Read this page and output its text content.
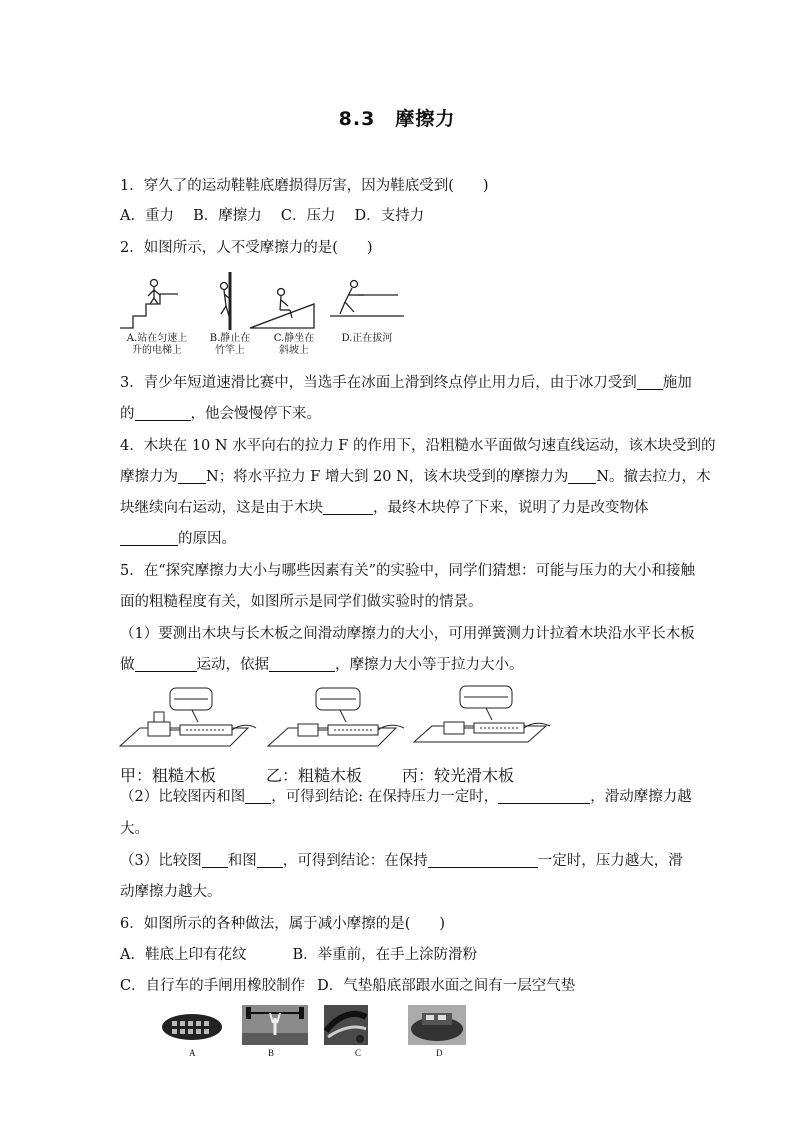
8.3　摩擦力
1．穿久了的运动鞋鞋底磨损得厉害，因为鞋底受到(　　)
A．重力　 B．摩擦力　 C．压力　 D．支持力
2．如图所示，人不受摩擦力的是(　　)
A.站在匀速上
升的电梯上
B.静止在
竹竿上
C.静坐在
斜坡上
D.正在拔河
3．青少年短道速滑比赛中，当选手在冰面上滑到终点停止用力后，由于冰刀受到 施加
的	，他会慢慢停下来。
4．木块在 10 N 水平向右的拉力 F 的作用下，沿粗糙水平面做匀速直线运动，该木块受到的
摩擦力为 N；将水平拉力 F 增大到 20 N，该木块受到的摩擦力为 N。撤去拉力，木
块继续向右运动，这是由于木块	，最终木块停了下来，说明了力是改变物体
的原因。
5．在“探究摩擦力大小与哪些因素有关”的实验中，同学们猜想：可能与压力的大小和接触
面的粗糙程度有关，如图所示是同学们做实验时的情景。
（1）要测出木块与长木板之间滑动摩擦力的大小，可用弹簧测力计拉着木块沿水平长木板
做	运动，依据	，摩擦力大小等于拉力大小。
甲：粗糙木板	乙：粗糙木板	丙：较光滑木板
（2）比较图丙和图 ，可得到结论: 在保持压力一定时，	，滑动摩擦力越
大。
（3）比较图 和图 ，可得到结论：在保持	一定时，压力越大，滑
动摩擦力越大。
6．如图所示的各种做法，属于减小摩擦的是(　　)
A．鞋底上印有花纹	B．举重前，在手上涂防滑粉
C．自行车的手闸用橡胶制作 D．气垫船底部跟水面之间有一层空气垫
A	B	C	D
